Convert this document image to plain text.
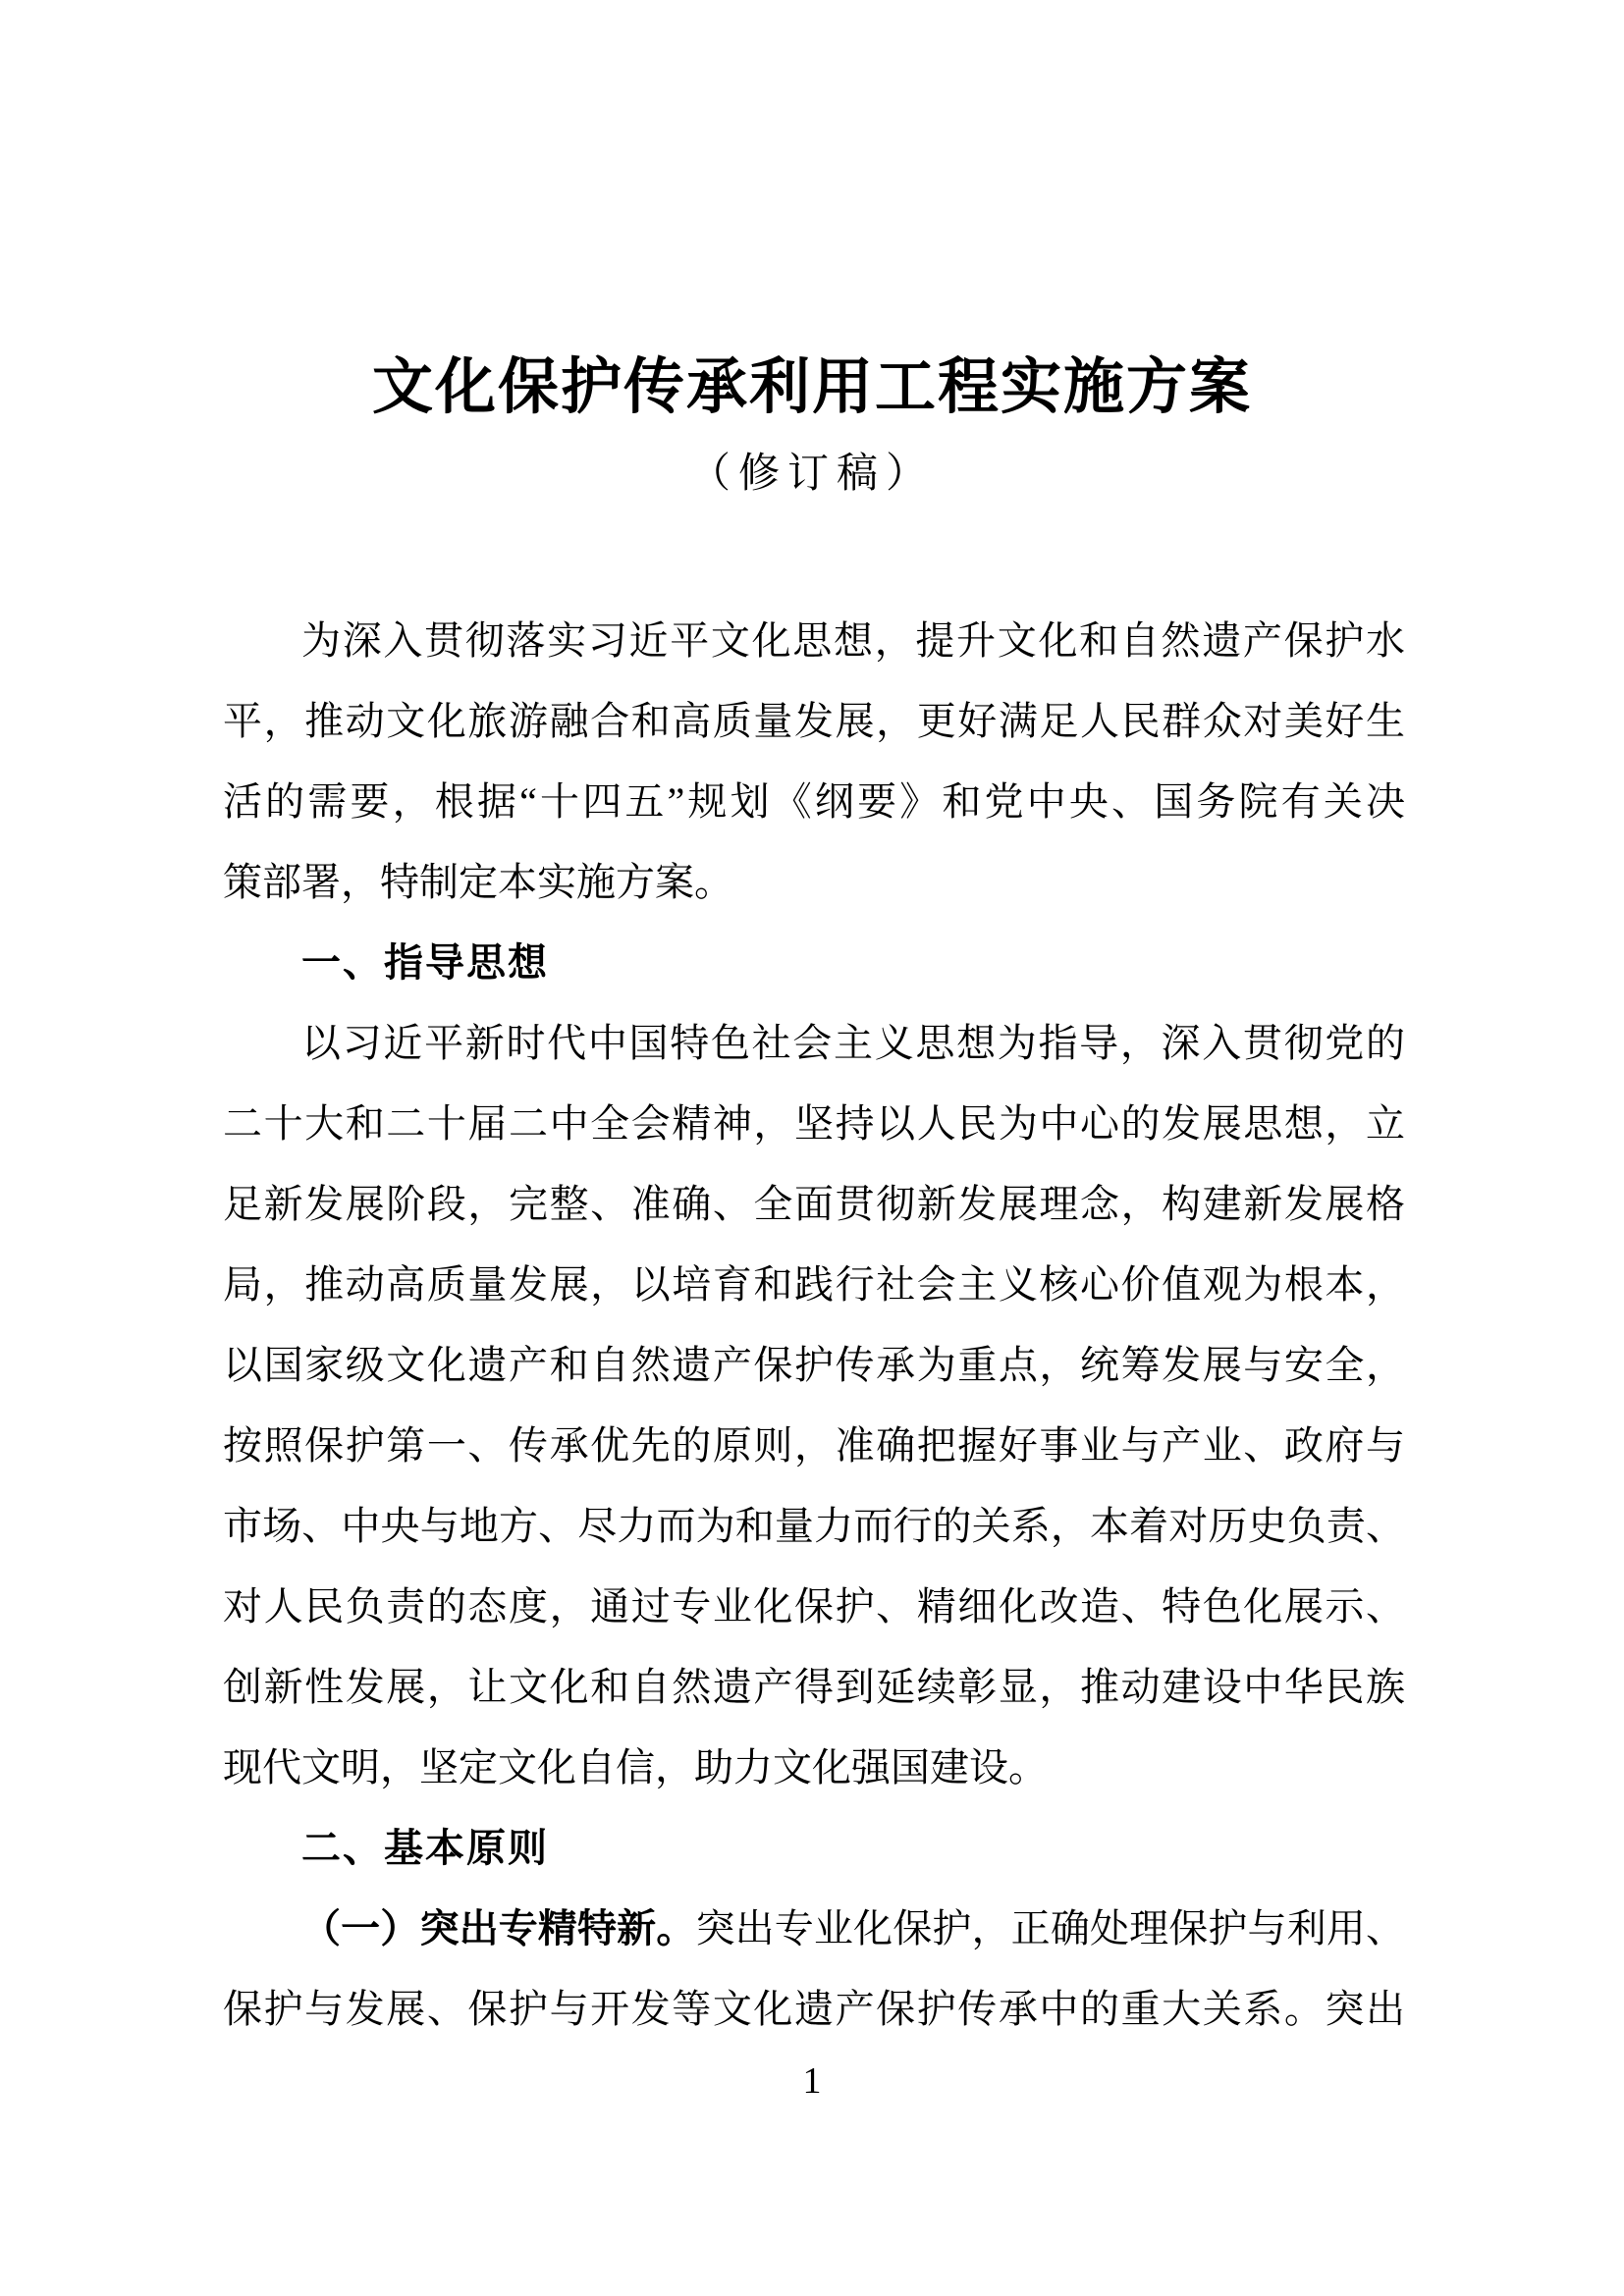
文化保护传承利用工程实施方案
（修订稿）
为深入贯彻落实习近平文化思想，提升文化和自然遗产保护水
平，推动文化旅游融合和高质量发展，更好满足人民群众对美好生
活的需要，根据“十四五”规划《纲要》和党中央、国务院有关决
策部署，特制定本实施方案。
一、指导思想
以习近平新时代中国特色社会主义思想为指导，深入贯彻党的
二十大和二十届二中全会精神，坚持以人民为中心的发展思想，立
足新发展阶段，完整、准确、全面贯彻新发展理念，构建新发展格
局，推动高质量发展，以培育和践行社会主义核心价值观为根本，
以国家级文化遗产和自然遗产保护传承为重点，统筹发展与安全，
按照保护第一、传承优先的原则，准确把握好事业与产业、政府与
市场、中央与地方、尽力而为和量力而行的关系，本着对历史负责、
对人民负责的态度，通过专业化保护、精细化改造、特色化展示、
创新性发展，让文化和自然遗产得到延续彰显，推动建设中华民族
现代文明，坚定文化自信，助力文化强国建设。
二、基本原则
（一）突出专精特新。突出专业化保护，正确处理保护与利用、
保护与发展、保护与开发等文化遗产保护传承中的重大关系。突出
1
